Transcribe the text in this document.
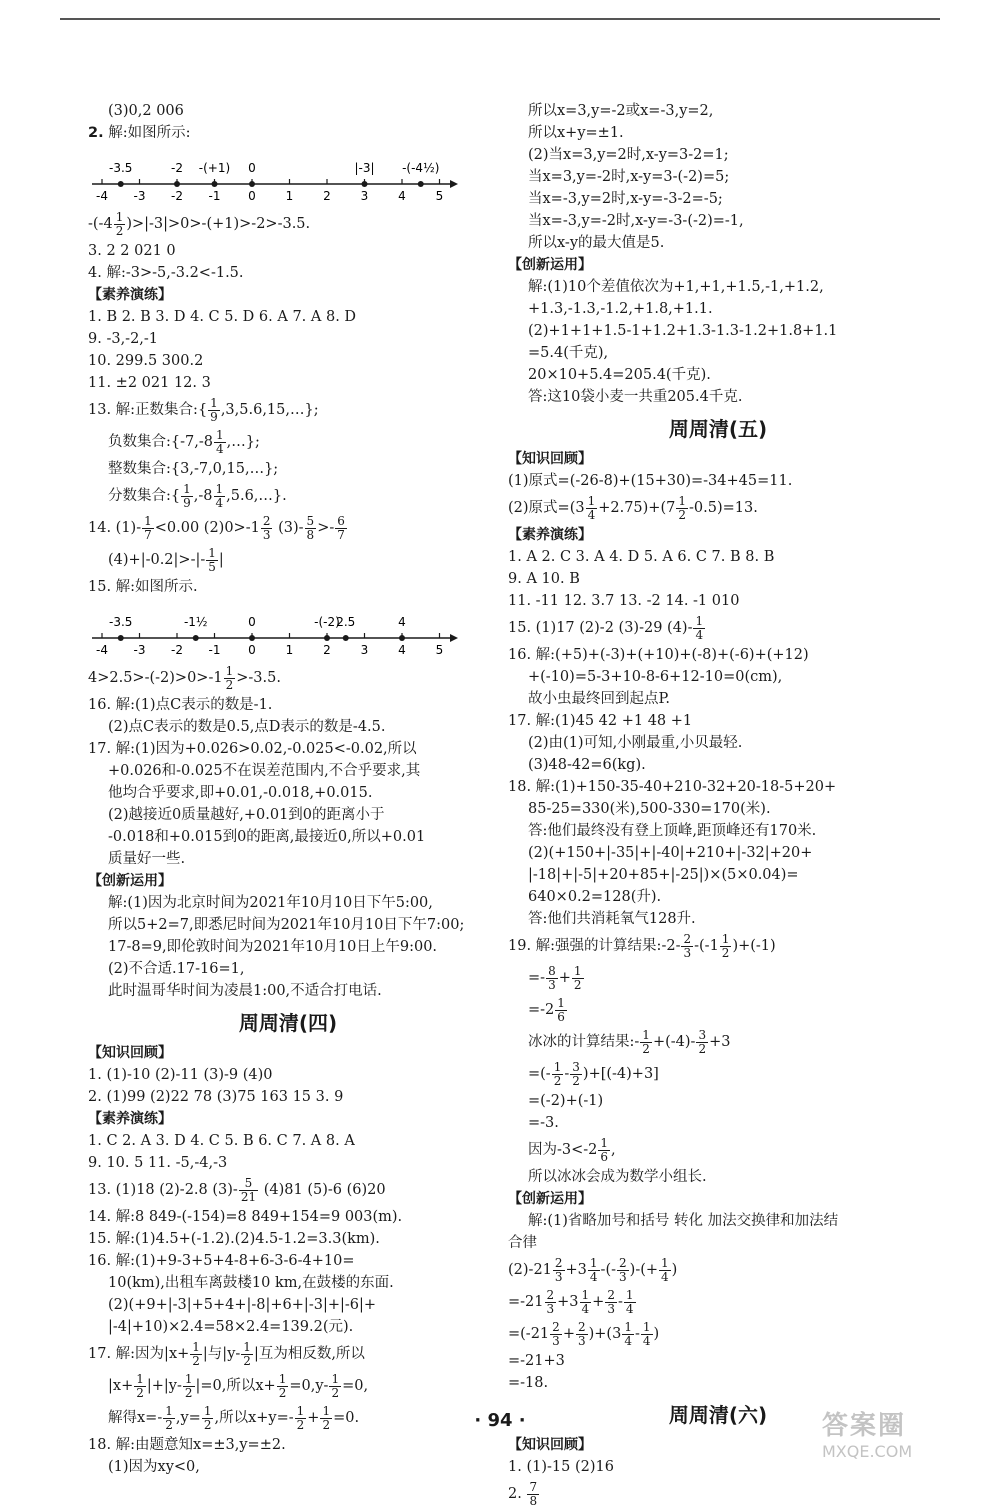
(3)0,2 006
2. 解:如图所示:
-4 -3 -2 -1 0 1 2 3 4 5
-3.5	-2 -(+1) 0	|-3| -(-4½)
$-(-4 \frac{1}{2} )>|-3|>0>-(+1)>-2>-3.5$.
3. 2 2 021 0
4. 解:-3>-5,-3.2<-1.5.
【素养演练】
1. B 2. B 3. D 4. C 5. D 6. A 7. A 8. D
9. -3,-2,-1
10. 299.5 300.2
11. ±2 021 12. 3
13. 解:正数集合:{ $\frac{1}{9}$ ,3,5.6,15,…};
负数集合:{-7,-8 $\frac{1}{4}$ ,…};
整数集合:{3,-7,0,15,…};
分数集合:{ $\frac{1}{9} ,-8 \frac{1}{4}$ ,5.6,…}.
14. $(1)- \frac{1}{7} <0.00$ $(2)0>-1 \frac{2}{3} (3)- \frac{5}{8} >- \frac{6}{7}$
$(4)+|-0.2|>-|- \frac{1}{5}$ |
15. 解:如图所示.
-4 -3 -2 -1 0 1 2 3 4 5
-3.5	-1½	0	-(-2)
2.5	4
$4>2.5>-(-2)>0>-1 \frac{1}{2} >-3.5$.
16. 解:(1)点C表示的数是-1.
(2)点C表示的数是0.5,点D表示的数是-4.5.
17. 解:(1)因为+0.026>0.02,-0.025<-0.02,所以
+0.026和-0.025不在误差范围内,不合乎要求,其
他均合乎要求,即+0.01,-0.018,+0.015.
(2)越接近0质量越好,+0.01到0的距离小于
-0.018和+0.015到0的距离,最接近0,所以+0.01
质量好一些.
【创新运用】
解:(1)因为北京时间为2021年10月10日下午5:00,
所以5+2=7,即悉尼时间为2021年10月10日下午7:00;
17-8=9,即伦敦时间为2021年10月10日上午9:00.
(2)不合适.17-16=1,
此时温哥华时间为凌晨1:00,不适合打电话.
周周清(四)
【知识回顾】
1. (1)-10 (2)-11 (3)-9 (4)0
2. (1)99 (2)22 78 (3)75 163 15 3. 9
【素养演练】
1. C 2. A 3. D 4. C 5. B 6. C 7. A 8. A
9. 10. 5 11. -5,-4,-3
13. (1)18 (2)-2.8 $(3)- \frac{5}{21} (4)81$ (5)-6 (6)20
14. 解:8 849-(-154)=8 849+154=9 003(m).
15. 解:(1)4.5+(-1.2).(2)4.5-1.2=3.3(km).
16. 解:(1)+9-3+5+4-8+6-3-6-4+10=
10(km),出租车离鼓楼10 km,在鼓楼的东面.
(2)(+9+|-3|+5+4+|-8|+6+|-3|+|-6|+
|-4|+10)×2.4=58×2.4=139.2(元).
17. 解:因为$|x+ \frac{1}{2}$ |与$|y- \frac{1}{2}$ |互为相反数,所以
$|x+ \frac{1}{2} |+|y- \frac{1}{2} |=0$,所以$x+ \frac{1}{2} =0,y- \frac{1}{2} =0$,
解得$x=- \frac{1}{2} ,y= \frac{1}{2}$ ,所以$x+y=- \frac{1}{2} + \frac{1}{2} =0$.
18. 解:由题意知x=±3,y=±2.
(1)因为xy<0,
所以x=3,y=-2或x=-3,y=2,
所以x+y=±1.
(2)当x=3,y=2时,x-y=3-2=1;
当x=3,y=-2时,x-y=3-(-2)=5;
当x=-3,y=2时,x-y=-3-2=-5;
当x=-3,y=-2时,x-y=-3-(-2)=-1,
所以x-y的最大值是5.
【创新运用】
解:(1)10个差值依次为+1,+1,+1.5,-1,+1.2,
+1.3,-1.3,-1.2,+1.8,+1.1.
(2)+1+1+1.5-1+1.2+1.3-1.3-1.2+1.8+1.1
=5.4(千克),
20×10+5.4=205.4(千克).
答:这10袋小麦一共重205.4千克.
周周清(五)
【知识回顾】
(1)原式=(-26-8)+(15+30)=-34+45=11.
(2)原式$=(3 \frac{1}{4} +2.75)+(7 \frac{1}{2} -0.5)=13$.
【素养演练】
1. A 2. C 3. A 4. D 5. A 6. C 7. B 8. B
9. A 10. B
11. -11 12. 3.7 13. -2 14. -1 010
15. (1)17 (2)-2 (3)-29 $(4)- \frac{1}{4}$
16. 解:(+5)+(-3)+(+10)+(-8)+(-6)+(+12)
+(-10)=5-3+10-8-6+12-10=0(cm),
故小虫最终回到起点P.
17. 解:(1)45 42 +1 48 +1
(2)由(1)可知,小刚最重,小贝最轻.
(3)48-42=6(kg).
18. 解:(1)+150-35-40+210-32+20-18-5+20+
85-25=330(米),500-330=170(米).
答:他们最终没有登上顶峰,距顶峰还有170米.
(2)(+150+|-35|+|-40|+210+|-32|+20+
|-18|+|-5|+20+85+|-25|)×(5×0.04)=
640×0.2=128(升).
答:他们共消耗氧气128升.
19. 解:强强的计算结果:-2- $\frac{2}{3} -(-1 \frac{1}{2} )+(-1)$
=- $\frac{8}{3} + \frac{1}{2}$
$=-2 \frac{1}{6}$
冰冰的计算结果:- $\frac{1}{2} +(-4)- \frac{3}{2} +3$
=(- $\frac{1}{2} - \frac{3}{2} )+[(-4)+3]$
=(-2)+(-1)
=-3.
因为$-3<-2 \frac{1}{6}$ ,
所以冰冰会成为数学小组长.
【创新运用】
解:(1)省略加号和括号 转化 加法交换律和加法结
合律
$(2)-21 \frac{2}{3} +3 \frac{1}{4}$ -(- $\frac{2}{3}$ )-(+ $\frac{1}{4}$ )
$=-21 \frac{2}{3} +3 \frac{1}{4} + \frac{2}{3} - \frac{1}{4}$
$=(-21 \frac{2}{3} + \frac{2}{3} )+(3 \frac{1}{4} - \frac{1}{4}$ )
=-21+3
=-18.
周周清(六)
【知识回顾】
1. (1)-15 (2)16
2. $\frac{7}{8}$
· 94 ·	答案圈
MXQE.COM
